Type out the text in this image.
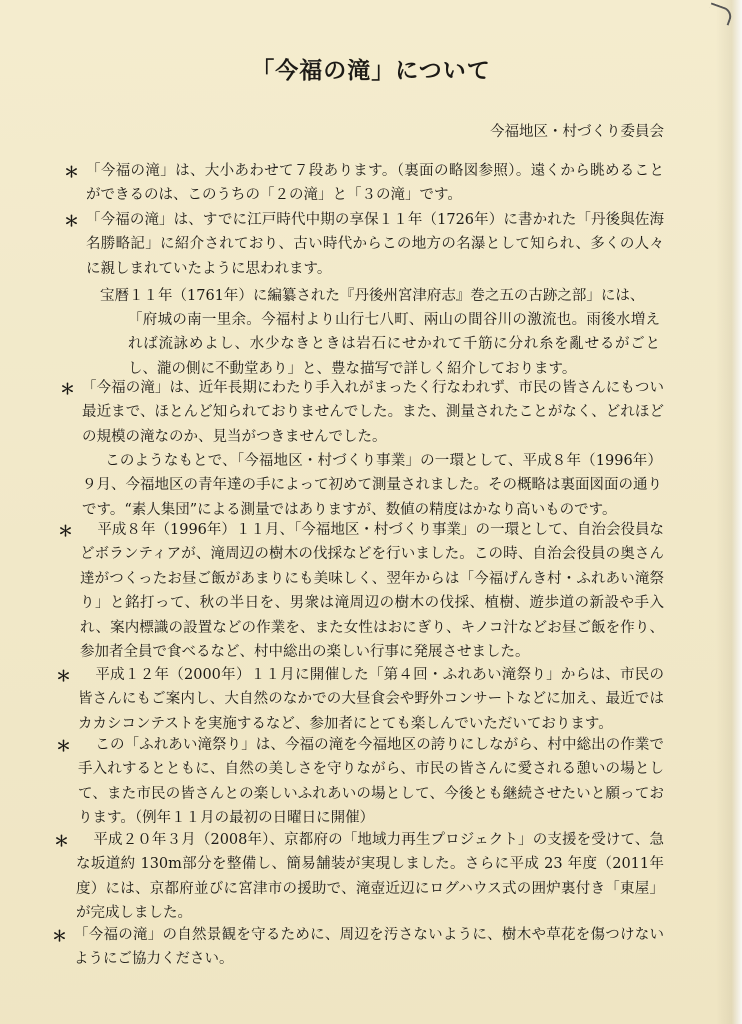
「今福の滝」について
今福地区・村づくり委員会
＊ 「今福の滝」は、大小あわせて７段あります。（裏面の略図参照）。遠くから眺めることができるのは、このうちの「２の滝」と「３の滝」です。
＊ 「今福の滝」は、すでに江戸時代中期の享保１１年（1726年）に書かれた「丹後與佐海名勝略記」に紹介されており、古い時代からこの地方の名瀑として知られ、多くの人々に親しまれていたように思われます。
宝暦１１年（1761年）に編纂された『丹後州宮津府志』巻之五の古跡之部」には、
「府城の南一里余。今福村より山行七八町、兩山の間谷川の激流也。雨後水増えれば流詠めよし、水少なきときは岩石にせかれて千筋に分れ糸を亂せるがごとし、瀧の側に不動堂あり」と、豊な描写で詳しく紹介しております。
＊ 「今福の滝」は、近年長期にわたり手入れがまったく行なわれず、市民の皆さんにもつい最近まで、ほとんど知られておりませんでした。また、測量されたことがなく、どれほどの規模の滝なのか、見当がつきませんでした。
このようなもとで、「今福地区・村づくり事業」の一環として、平成８年（1996年）９月、今福地区の青年達の手によって初めて測量されました。その概略は裏面図面の通りです。“素人集団”による測量ではありますが、数値の精度はかなり高いものです。
＊	平成８年（1996年）１１月、「今福地区・村づくり事業」の一環として、自治会役員などボランティアが、滝周辺の樹木の伐採などを行いました。この時、自治会役員の奥さん達がつくったお昼ご飯があまりにも美味しく、翌年からは「今福げんき村・ふれあい滝祭り」と銘打って、秋の半日を、男衆は滝周辺の樹木の伐採、植樹、遊歩道の新設や手入れ、案内標識の設置などの作業を、また女性はおにぎり、キノコ汁などお昼ご飯を作り、参加者全員で食べるなど、村中総出の楽しい行事に発展させました。
＊	平成１２年（2000年）１１月に開催した「第４回・ふれあい滝祭り」からは、市民の皆さんにもご案内し、大自然のなかでの大昼食会や野外コンサートなどに加え、最近ではカカシコンテストを実施するなど、参加者にとても楽しんでいただいております。
＊	この「ふれあい滝祭り」は、今福の滝を今福地区の誇りにしながら、村中総出の作業で手入れするとともに、自然の美しさを守りながら、市民の皆さんに愛される憩いの場として、また市民の皆さんとの楽しいふれあいの場として、今後とも継続させたいと願っております。（例年１１月の最初の日曜日に開催）
＊	平成２０年３月（2008年）、京都府の「地域力再生プロジェクト」の支援を受けて、急な坂道約 130m部分を整備し、簡易舗装が実現しました。さらに平成 23 年度（2011年度）には、京都府並びに宮津市の援助で、滝壺近辺にログハウス式の囲炉裏付き「東屋」が完成しました。
＊ 「今福の滝」の自然景観を守るために、周辺を汚さないように、樹木や草花を傷つけないようにご協力ください。
